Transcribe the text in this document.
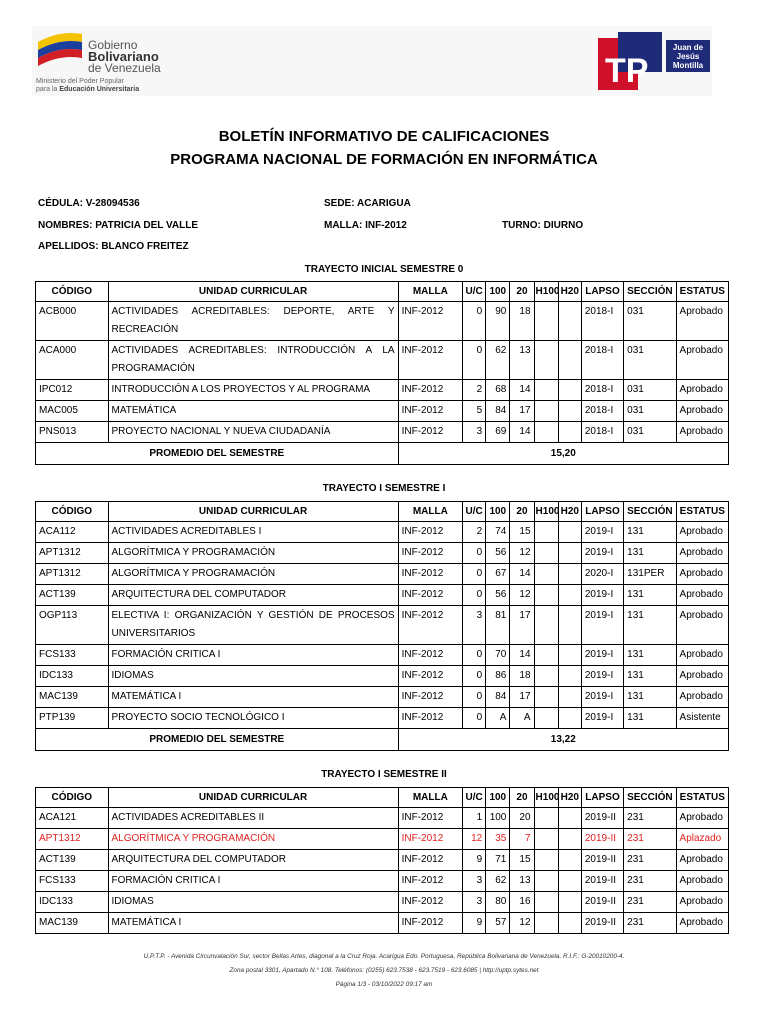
Gobierno
Bolivariano
de Venezuela
Ministerio del Poder Popular
para la Educación Universitaria	TP
Juan de Jesús Montilla
BOLETÍN INFORMATIVO DE CALIFICACIONES
PROGRAMA NACIONAL DE FORMACIÓN EN INFORMÁTICA
CÉDULA: V-28094536	SEDE: ACARIGUA
NOMBRES: PATRICIA DEL VALLE	MALLA: INF-2012	TURNO: DIURNO
APELLIDOS: BLANCO FREITEZ
TRAYECTO INICIAL SEMESTRE 0
CÓDIGO	UNIDAD CURRICULAR	MALLA	U/C	100	20	H100	H20	LAPSO	SECCIÓN	ESTATUS
ACB000	ACTIVIDADES ACREDITABLES: DEPORTE, ARTE Y RECREACIÓN	INF-2012	0	90	18			2018-I	031	Aprobado
ACA000	ACTIVIDADES ACREDITABLES: INTRODUCCIÓN A LA PROGRAMACIÓN	INF-2012	0	62	13			2018-I	031	Aprobado
IPC012	INTRODUCCIÓN A LOS PROYECTOS Y AL PROGRAMA	INF-2012	2	68	14			2018-I	031	Aprobado
MAC005	MATEMÁTICA	INF-2012	5	84	17			2018-I	031	Aprobado
PNS013	PROYECTO NACIONAL Y NUEVA CIUDADANÍA	INF-2012	3	69	14			2018-I	031	Aprobado
PROMEDIO DEL SEMESTRE		15,20								
TRAYECTO I SEMESTRE I
CÓDIGO	UNIDAD CURRICULAR	MALLA	U/C	100	20	H100	H20	LAPSO	SECCIÓN	ESTATUS
ACA112	ACTIVIDADES ACREDITABLES I	INF-2012	2	74	15			2019-I	131	Aprobado
APT1312	ALGORÍTMICA Y PROGRAMACIÓN	INF-2012	0	56	12			2019-I	131	Aprobado
APT1312	ALGORÍTMICA Y PROGRAMACIÓN	INF-2012	0	67	14			2020-I	131PER	Aprobado
ACT139	ARQUITECTURA DEL COMPUTADOR	INF-2012	0	56	12			2019-I	131	Aprobado
OGP113	ELECTIVA I: ORGANIZACIÓN Y GESTIÓN DE PROCESOS UNIVERSITARIOS	INF-2012	3	81	17			2019-I	131	Aprobado
FCS133	FORMACIÓN CRITICA I	INF-2012	0	70	14			2019-I	131	Aprobado
IDC133	IDIOMAS	INF-2012	0	86	18			2019-I	131	Aprobado
MAC139	MATEMÁTICA I	INF-2012	0	84	17			2019-I	131	Aprobado
PTP139	PROYECTO SOCIO TECNOLÓGICO I	INF-2012	0	A	A			2019-I	131	Asistente
PROMEDIO DEL SEMESTRE		13,22								
TRAYECTO I SEMESTRE II
CÓDIGO	UNIDAD CURRICULAR	MALLA	U/C	100	20	H100	H20	LAPSO	SECCIÓN	ESTATUS
ACA121	ACTIVIDADES ACREDITABLES II	INF-2012	1	100	20			2019-II	231	Aprobado
APT1312	ALGORÍTMICA Y PROGRAMACIÓN	INF-2012	12	35	7			2019-II	231	Aplazado
ACT139	ARQUITECTURA DEL COMPUTADOR	INF-2012	9	71	15			2019-II	231	Aprobado
FCS133	FORMACIÓN CRITICA I	INF-2012	3	62	13			2019-II	231	Aprobado
IDC133	IDIOMAS	INF-2012	3	80	16			2019-II	231	Aprobado
MAC139	MATEMÁTICA I	INF-2012	9	57	12			2019-II	231	Aprobado
U.P.T.P. - Avenida Circunvalación Sur, sector Bellas Artes, diagonal a la Cruz Roja. Acarigua Edo. Portuguesa, República Bolivariana de Venezuela. R.I.F.: G-20010200-4.
Zona postal 3301, Apartado N.° 108. Teléfonos: (0255) 623.7538 - 623.7519 - 623.6085 | http://uptp.sytes.net
Página 1/3 - 03/10/2022 09:17 am
